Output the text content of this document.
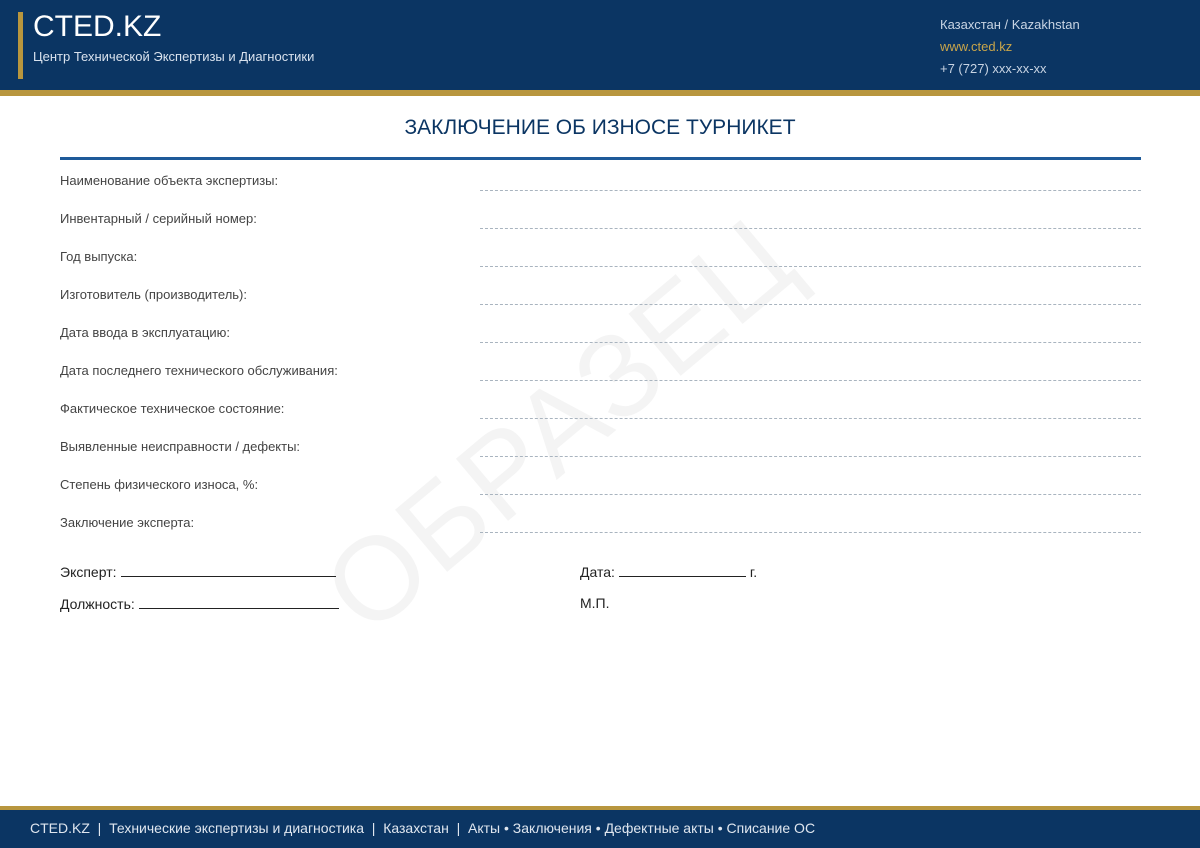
CTED.KZ
Центр Технической Экспертизы и Диагностики
Казахстан / Kazakhstan
www.cted.kz
+7 (727) xxx-xx-xx
ЗАКЛЮЧЕНИЕ ОБ ИЗНОСЕ ТУРНИКЕТ
Наименование объекта экспертизы:
Инвентарный / серийный номер:
Год выпуска:
Изготовитель (производитель):
Дата ввода в эксплуатацию:
Дата последнего технического обслуживания:
Фактическое техническое состояние:
Выявленные неисправности / дефекты:
Степень физического износа, %:
Заключение эксперта:
Эксперт:
Должность:
Дата:	г.
М.П.
CTED.KZ  |  Технические экспертизы и диагностика  |  Казахстан  |  Акты • Заключения • Дефектные акты • Списание ОС
